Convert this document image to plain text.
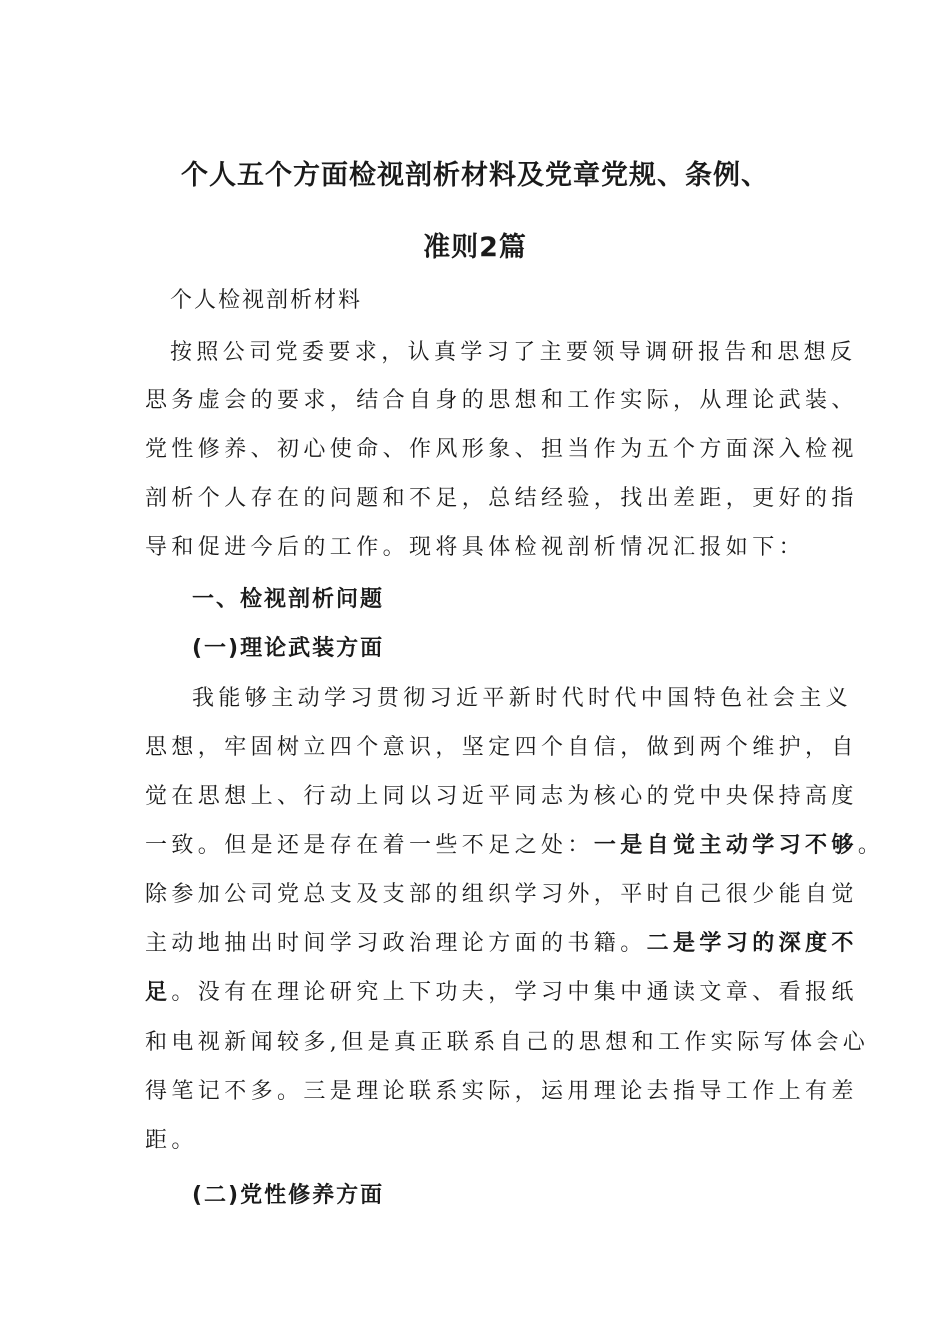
个人五个方面检视剖析材料及党章党规、条例、
准则2篇
个人检视剖析材料
按照公司党委要求，认真学习了主要领导调研报告和思想反
思务虚会的要求，结合自身的思想和工作实际，从理论武装、
党性修养、初心使命、作风形象、担当作为五个方面深入检视
剖析个人存在的问题和不足，总结经验，找出差距，更好的指
导和促进今后的工作。现将具体检视剖析情况汇报如下：
一、检视剖析问题
(一)理论武装方面
我能够主动学习贯彻习近平新时代时代中国特色社会主义
思想，牢固树立四个意识，坚定四个自信，做到两个维护，自
觉在思想上、行动上同以习近平同志为核心的党中央保持高度
一致。但是还是存在着一些不足之处：一是自觉主动学习不够。
除参加公司党总支及支部的组织学习外，平时自己很少能自觉
主动地抽出时间学习政治理论方面的书籍。二是学习的深度不
足。没有在理论研究上下功夫，学习中集中通读文章、看报纸
和电视新闻较多,但是真正联系自己的思想和工作实际写体会心
得笔记不多。三是理论联系实际，运用理论去指导工作上有差
距。
(二)党性修养方面
